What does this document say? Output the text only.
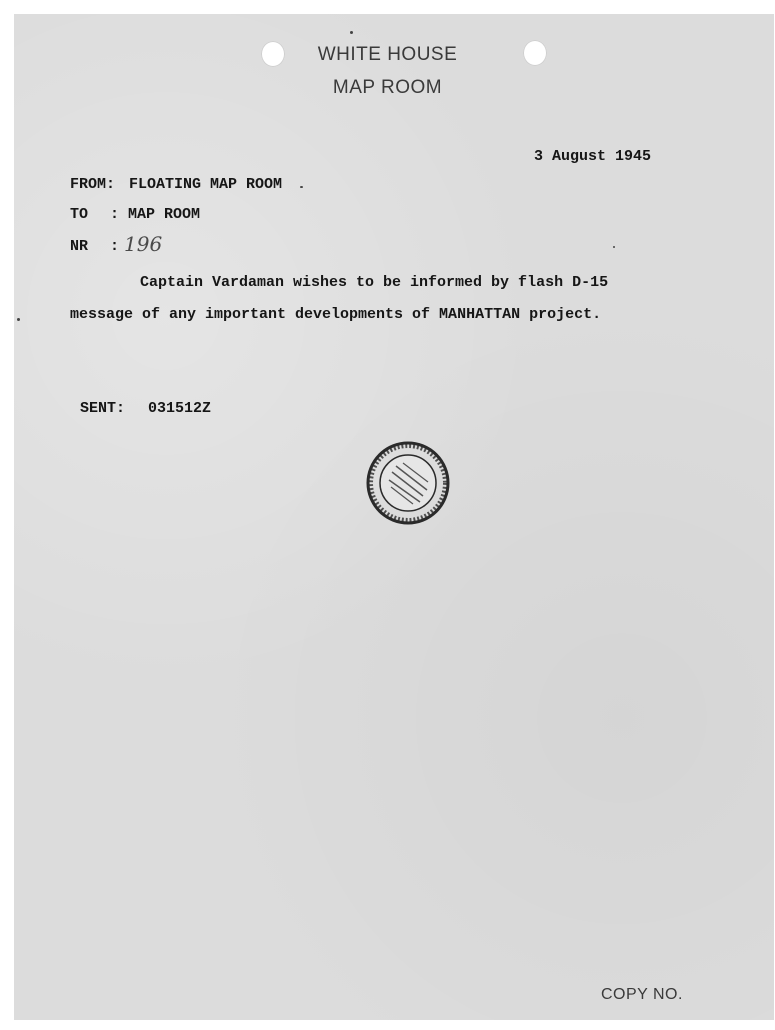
WHITE HOUSE
MAP ROOM
3 August 1945
FROM: FLOATING MAP ROOM
TO : MAP ROOM
NR : 196
Captain Vardaman wishes to be informed by flash D-15
message of any important developments of MANHATTAN project.
SENT: 031512Z
COPY NO.
